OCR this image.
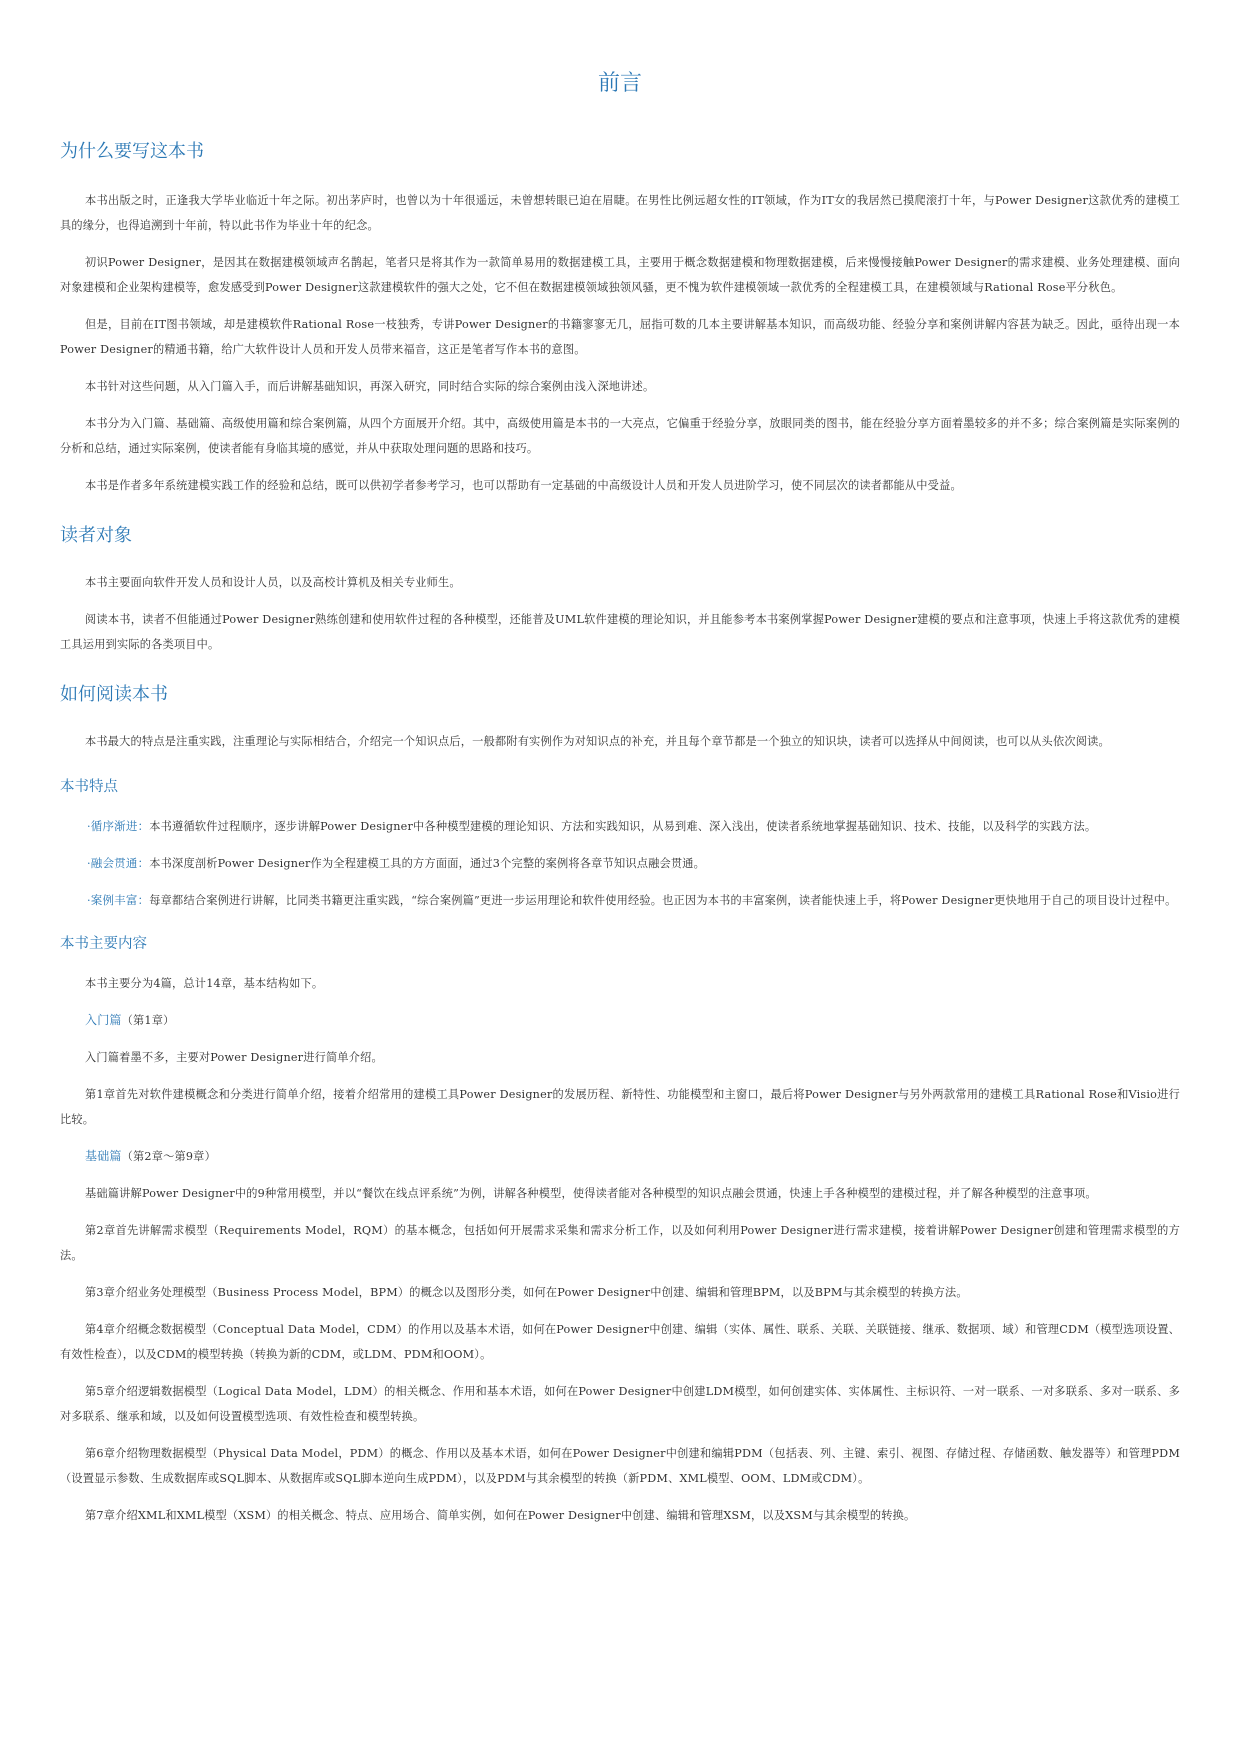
前言
为什么要写这本书

本书出版之时，正逢我大学毕业临近十年之际。初出茅庐时，也曾以为十年很遥远，未曾想转眼已迫在眉睫。在男性比例远超女性的IT领域，作为IT女的我居然已摸爬滚打十年，与Power Designer这款优秀的建模工具的缘分，也得追溯到十年前，特以此书作为毕业十年的纪念。

初识Power Designer，是因其在数据建模领域声名鹊起，笔者只是将其作为一款简单易用的数据建模工具，主要用于概念数据建模和物理数据建模，后来慢慢接触Power Designer的需求建模、业务处理建模、面向对象建模和企业架构建模等，愈发感受到Power Designer这款建模软件的强大之处，它不但在数据建模领域独领风骚，更不愧为软件建模领域一款优秀的全程建模工具，在建模领域与Rational Rose平分秋色。

但是，目前在IT图书领域，却是建模软件Rational Rose一枝独秀，专讲Power Designer的书籍寥寥无几，屈指可数的几本主要讲解基本知识，而高级功能、经验分享和案例讲解内容甚为缺乏。因此，亟待出现一本Power Designer的精通书籍，给广大软件设计人员和开发人员带来福音，这正是笔者写作本书的意图。

本书针对这些问题，从入门篇入手，而后讲解基础知识，再深入研究，同时结合实际的综合案例由浅入深地讲述。

本书分为入门篇、基础篇、高级使用篇和综合案例篇，从四个方面展开介绍。其中，高级使用篇是本书的一大亮点，它偏重于经验分享，放眼同类的图书，能在经验分享方面着墨较多的并不多；综合案例篇是实际案例的分析和总结，通过实际案例，使读者能有身临其境的感觉，并从中获取处理问题的思路和技巧。

本书是作者多年系统建模实践工作的经验和总结，既可以供初学者参考学习，也可以帮助有一定基础的中高级设计人员和开发人员进阶学习，使不同层次的读者都能从中受益。

读者对象

本书主要面向软件开发人员和设计人员，以及高校计算机及相关专业师生。

阅读本书，读者不但能通过Power Designer熟练创建和使用软件过程的各种模型，还能普及UML软件建模的理论知识，并且能参考本书案例掌握Power Designer建模的要点和注意事项，快速上手将这款优秀的建模工具运用到实际的各类项目中。

如何阅读本书

本书最大的特点是注重实践，注重理论与实际相结合，介绍完一个知识点后，一般都附有实例作为对知识点的补充，并且每个章节都是一个独立的知识块，读者可以选择从中间阅读，也可以从头依次阅读。

本书特点

·循序渐进：本书遵循软件过程顺序，逐步讲解Power Designer中各种模型建模的理论知识、方法和实践知识，从易到难、深入浅出，使读者系统地掌握基础知识、技术、技能，以及科学的实践方法。

·融会贯通：本书深度剖析Power Designer作为全程建模工具的方方面面，通过3个完整的案例将各章节知识点融会贯通。

·案例丰富：每章都结合案例进行讲解，比同类书籍更注重实践，“综合案例篇”更进一步运用理论和软件使用经验。也正因为本书的丰富案例，读者能快速上手，将Power Designer更快地用于自己的项目设计过程中。

本书主要内容

本书主要分为4篇，总计14章，基本结构如下。

入门篇（第1章）

入门篇着墨不多，主要对Power Designer进行简单介绍。

第1章首先对软件建模概念和分类进行简单介绍，接着介绍常用的建模工具Power Designer的发展历程、新特性、功能模型和主窗口，最后将Power Designer与另外两款常用的建模工具Rational Rose和Visio进行比较。

基础篇（第2章～第9章）

基础篇讲解Power Designer中的9种常用模型，并以“餐饮在线点评系统”为例，讲解各种模型，使得读者能对各种模型的知识点融会贯通，快速上手各种模型的建模过程，并了解各种模型的注意事项。

第2章首先讲解需求模型（Requirements Model，RQM）的基本概念，包括如何开展需求采集和需求分析工作，以及如何利用Power Designer进行需求建模，接着讲解Power Designer创建和管理需求模型的方法。

第3章介绍业务处理模型（Business Process Model，BPM）的概念以及图形分类，如何在Power Designer中创建、编辑和管理BPM，以及BPM与其余模型的转换方法。

第4章介绍概念数据模型（Conceptual Data Model，CDM）的作用以及基本术语，如何在Power Designer中创建、编辑（实体、属性、联系、关联、关联链接、继承、数据项、域）和管理CDM（模型选项设置、有效性检查），以及CDM的模型转换（转换为新的CDM，或LDM、PDM和OOM）。

第5章介绍逻辑数据模型（Logical Data Model，LDM）的相关概念、作用和基本术语，如何在Power Designer中创建LDM模型，如何创建实体、实体属性、主标识符、一对一联系、一对多联系、多对一联系、多对多联系、继承和域，以及如何设置模型选项、有效性检查和模型转换。

第6章介绍物理数据模型（Physical Data Model，PDM）的概念、作用以及基本术语，如何在Power Designer中创建和编辑PDM（包括表、列、主键、索引、视图、存储过程、存储函数、触发器等）和管理PDM（设置显示参数、生成数据库或SQL脚本、从数据库或SQL脚本逆向生成PDM），以及PDM与其余模型的转换（新PDM、XML模型、OOM、LDM或CDM）。

第7章介绍XML和XML模型（XSM）的相关概念、特点、应用场合、简单实例，如何在Power Designer中创建、编辑和管理XSM，以及XSM与其余模型的转换。
